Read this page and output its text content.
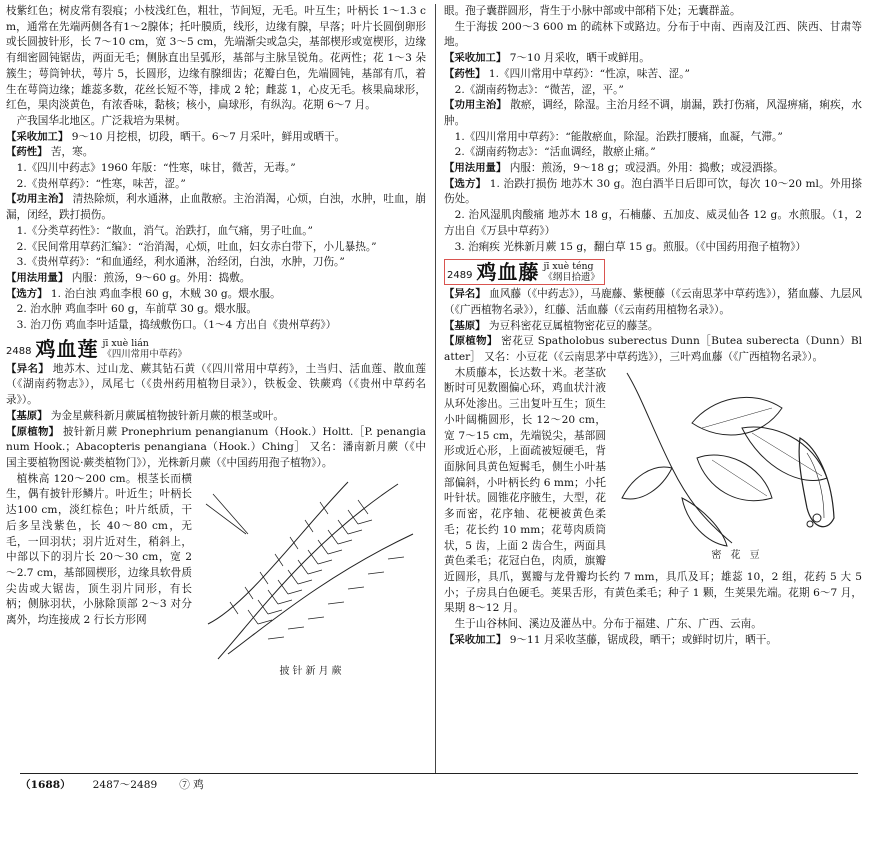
枝紫红色；树皮常有裂痕；小枝浅红色，粗壮，节间短，无毛。叶互生；叶柄长 1～1.3 cm，通常在先端两侧各有1～2腺体；托叶膜质，线形，边缘有腺，早落；叶片长圆倒卵形或长圆披针形，长 7～10 cm，宽 3～5 cm，先端渐尖或急尖，基部楔形或宽楔形，边缘有细密圆钝锯齿，两面无毛；侧脉直出呈弧形，基部与主脉呈锐角。花两性；花 1～3 朵簇生；萼筒钟状，萼片 5，长圆形，边缘有腺细齿；花瓣白色，先端圆钝，基部有爪，着生在萼筒边缘；雄蕊多数，花丝长短不等，排成 2 轮；雌蕊 1，心皮无毛。核果扁球形，红色，果肉淡黄色，有浓香味，黏核；核小，扁球形，有纵沟。花期 6～7 月。

产我国华北地区。广泛栽培为果树。

【采收加工】 9～10 月挖根，切段，晒干。6～7 月采叶，鲜用或晒干。

【药性】 苦，寒。

1.《四川中药志》1960 年版：“性寒，味甘，微苦，无毒。”

2.《贵州草药》：“性寒，味苦，涩。”

【功用主治】 清热除烦，利水通淋，止血散瘀。主治消渴，心烦，白浊，水肿，吐血，崩漏，闭经，跌打损伤。

1.《分类草药性》：“散血，消气。治跌打，血气痛，男子吐血。”

2.《民间常用草药汇编》：“治消渴，心烦，吐血，妇女赤白带下，小儿暴热。”

3.《贵州草药》：“和血通经，利水通淋，治经闭，白浊，水肿，刀伤。”

【用法用量】 内服：煎汤，9～60 g。外用：捣敷。

【选方】 1. 治白浊 鸡血李根 60 g，木贼 30 g。煨水服。

2. 治水肿 鸡血李叶 60 g，车前草 30 g。煨水服。

3. 治刀伤 鸡血李叶适量，捣绒敷伤口。（1～4 方出自《贵州草药》）

2488 鸡血莲 jī xuè lián
《四川常用中草药》

【异名】 地苏木、过山龙、蕨其钻石黄（《四川常用中草药》，土当归、活血莲、散血莲（《湖南药物志》），凤尾七（《贵州药用植物目录》），铁板金、铁蕨鸡（《贵州中草药名录》）。

【基原】 为金星蕨科新月蕨属植物披针新月蕨的根茎或叶。

【原植物】 披针新月蕨 Pronephrium penangianum（Hook.）Holtt.［P. penangianum Hook.；Abacopteris penangiana（Hook.）Ching］ 又名：潘南新月蕨（《中国主要植物图说·蕨类植物门》），光株新月蕨（《中国药用孢子植物》）。

披针新月蕨

植株高 120～200 cm。根茎长而横生，偶有披针形鳞片。叶近生；叶柄长达100 cm，淡红棕色；叶片纸质，干后多呈浅紫色，长 40～80 cm，无毛，一回羽状；羽片近对生，稍斜上，中部以下的羽片长 20～30 cm，宽 2～2.7 cm，基部圆楔形，边缘具软骨质尖齿或大锯齿，顶生羽片同形，有长柄；侧脉羽状，小脉除顶部 2～3 对分离外，均连接成 2 行长方形网

眼。孢子囊群圆形，背生于小脉中部或中部稍下处；无囊群盖。

生于海拔 200～3 600 m 的疏林下或路边。分布于中南、西南及江西、陕西、甘肃等地。

【采收加工】 7～10 月采收，晒干或鲜用。

【药性】 1.《四川常用中草药》：“性凉，味苦、涩。”

2.《湖南药物志》：“微苦，涩，平。”

【功用主治】 散瘀，调经，除湿。主治月经不调，崩漏，跌打伤痛，风湿痹痛，痢疾，水肿。

1.《四川常用中草药》：“能散瘀血，除湿。治跌打腰痛，血凝，气滞。”

2.《湖南药物志》：“活血调经，散瘀止痛。”

【用法用量】 内服：煎汤，9～18 g；或浸酒。外用：捣敷；或浸酒搽。

【选方】 1. 治跌打损伤 地苏木 30 g。泡白酒半日后即可饮，每次 10～20 ml。外用搽伤处。

2. 治风湿肌肉酸痛 地苏木 18 g，石楠藤、五加皮、威灵仙各 12 g。水煎服。（1，2 方出自《万县中草药》）

3. 治痢疾 光株新月蕨 15 g，翻白草 15 g。煎服。（《中国药用孢子植物》）

2489 鸡血藤 jī xuè téng
《纲目拾遗》

【异名】 血风藤（《中药志》），马鹿藤、紫梗藤（《云南思茅中草药选》），猪血藤、九层风（《广西植物名录》），红藤、活血藤（《云南药用植物名录》）。

【基原】 为豆科密花豆属植物密花豆的藤茎。

【原植物】 密花豆 Spatholobus suberectus Dunn［Butea suberecta（Dunn）Blatter］ 又名：小豆花（《云南思茅中草药选》），三叶鸡血藤（《广西植物名录》）。

密 花 豆

木质藤本，长达数十米。老茎砍断时可见数圈偏心环，鸡血状汁液从环处渗出。三出复叶互生；顶生小叶阔椭圆形，长 12～20 cm，宽 7～15 cm，先端锐尖，基部圆形或近心形，上面疏被短硬毛，背面脉间具黄色短髯毛，侧生小叶基部偏斜，小叶柄长约 6 mm；小托叶针状。圆锥花序腋生，大型，花多而密，花序轴、花梗被黄色柔毛；花长约 10 mm；花萼肉质筒状，5 齿，上面 2 齿合生，两面具黄色柔毛；花冠白色，肉质，旗瓣近圆形，具爪，翼瓣与龙骨瓣均长约 7 mm，具爪及耳；雄蕊 10，2 组，花药 5 大 5 小；子房具白色硬毛。荚果舌形，有黄色柔毛；种子 1 颗，生荚果先端。花期 6～7 月，果期 8～12 月。

生于山谷林间、溪边及灌丛中。分布于福建、广东、广西、云南。

【采收加工】 9～11 月采收茎藤，锯成段，晒干；或鲜时切片，晒干。

（1688） 2487～2489 ⑦ 鸡
